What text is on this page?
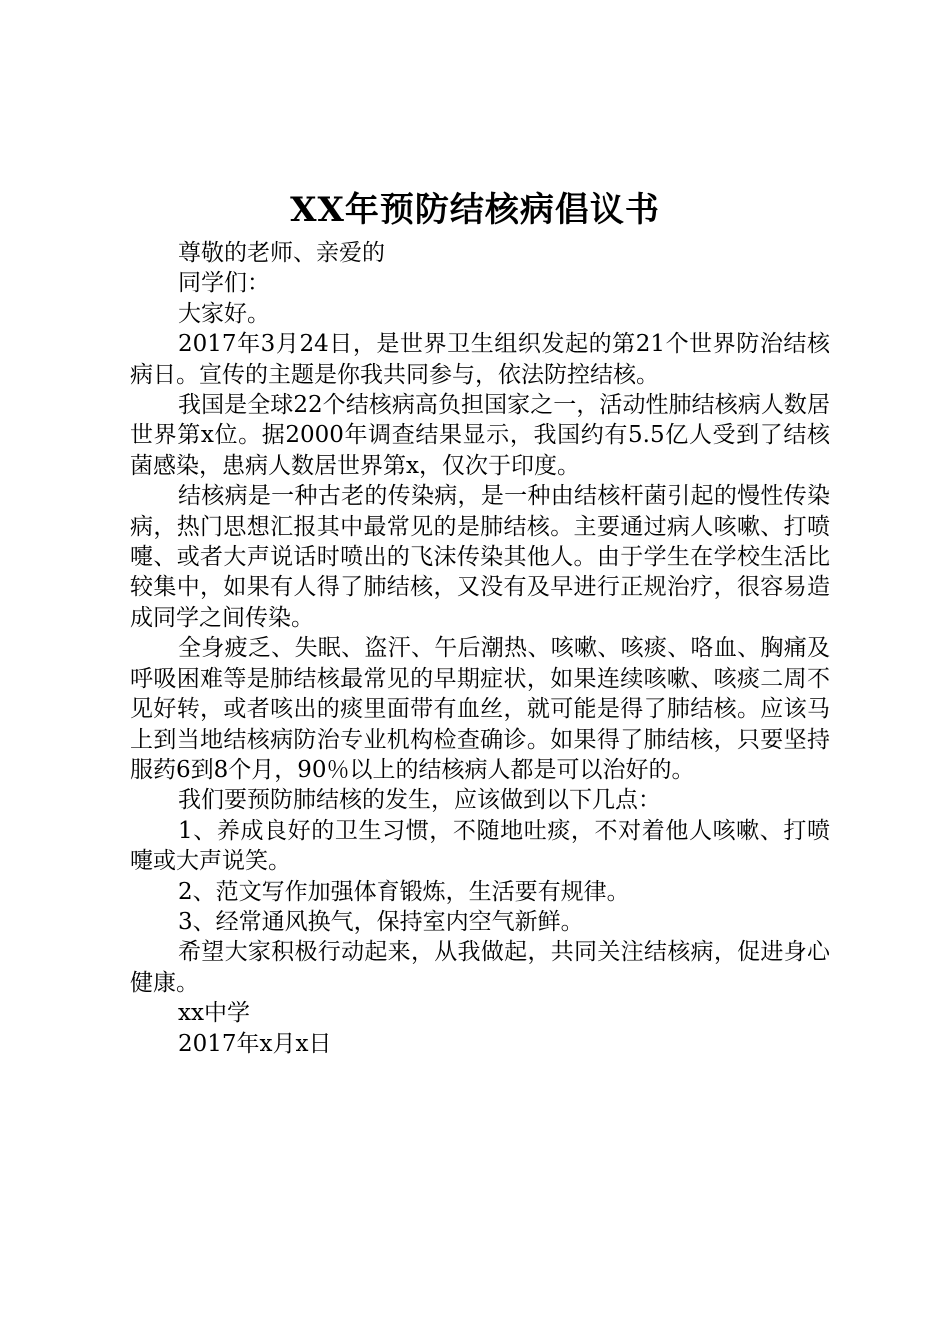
XX年预防结核病倡议书

尊敬的老师、亲爱的

同学们：

大家好。

2017年3月24日，是世界卫生组织发起的第21个世界防治结核病日。宣传的主题是你我共同参与，依法防控结核。

我国是全球22个结核病高负担国家之一，活动性肺结核病人数居世界第x位。据2000年调查结果显示，我国约有5.5亿人受到了结核菌感染，患病人数居世界第x，仅次于印度。

结核病是一种古老的传染病，是一种由结核杆菌引起的慢性传染病，热门思想汇报其中最常见的是肺结核。主要通过病人咳嗽、打喷嚏、或者大声说话时喷出的飞沫传染其他人。由于学生在学校生活比较集中，如果有人得了肺结核，又没有及早进行正规治疗，很容易造成同学之间传染。

全身疲乏、失眠、盗汗、午后潮热、咳嗽、咳痰、咯血、胸痛及呼吸困难等是肺结核最常见的早期症状，如果连续咳嗽、咳痰二周不见好转，或者咳出的痰里面带有血丝，就可能是得了肺结核。应该马上到当地结核病防治专业机构检查确诊。如果得了肺结核，只要坚持服药6到8个月，90％以上的结核病人都是可以治好的。

我们要预防肺结核的发生，应该做到以下几点：

1、养成良好的卫生习惯，不随地吐痰，不对着他人咳嗽、打喷嚏或大声说笑。

2、范文写作加强体育锻炼，生活要有规律。

3、经常通风换气，保持室内空气新鲜。

希望大家积极行动起来，从我做起，共同关注结核病，促进身心健康。

xx中学

2017年x月x日
